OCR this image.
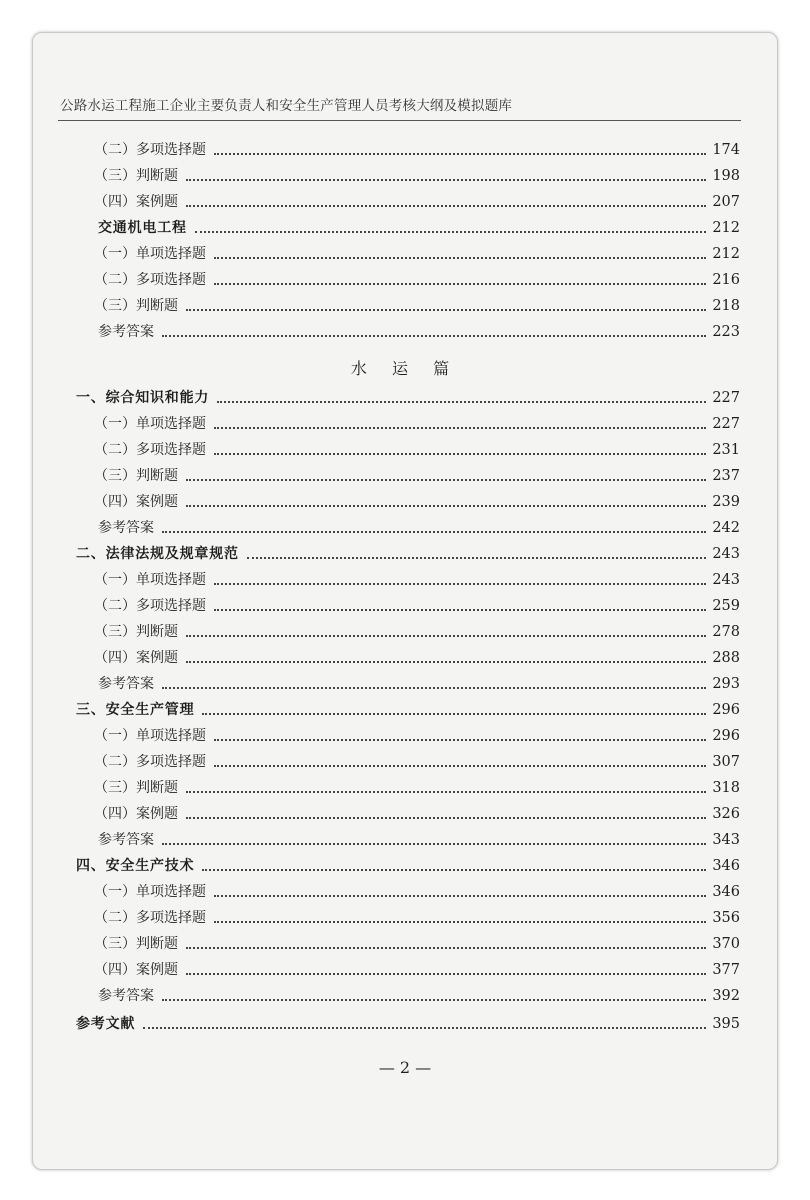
公路水运工程施工企业主要负责人和安全生产管理人员考核大纲及模拟题库
（二）多项选择题	174
（三）判断题	198
（四）案例题	207
交通机电工程	212
（一）单项选择题	212
（二）多项选择题	216
（三）判断题	218
参考答案	223
一、综合知识和能力	227
（一）单项选择题	227
（二）多项选择题	231
（三）判断题	237
（四）案例题	239
参考答案	242
二、法律法规及规章规范	243
（一）单项选择题	243
（二）多项选择题	259
（三）判断题	278
（四）案例题	288
参考答案	293
三、安全生产管理	296
（一）单项选择题	296
（二）多项选择题	307
（三）判断题	318
（四）案例题	326
参考答案	343
四、安全生产技术	346
（一）单项选择题	346
（二）多项选择题	356
（三）判断题	370
（四）案例题	377
参考答案	392
参考文献	395
水 运 篇
— 2 —
